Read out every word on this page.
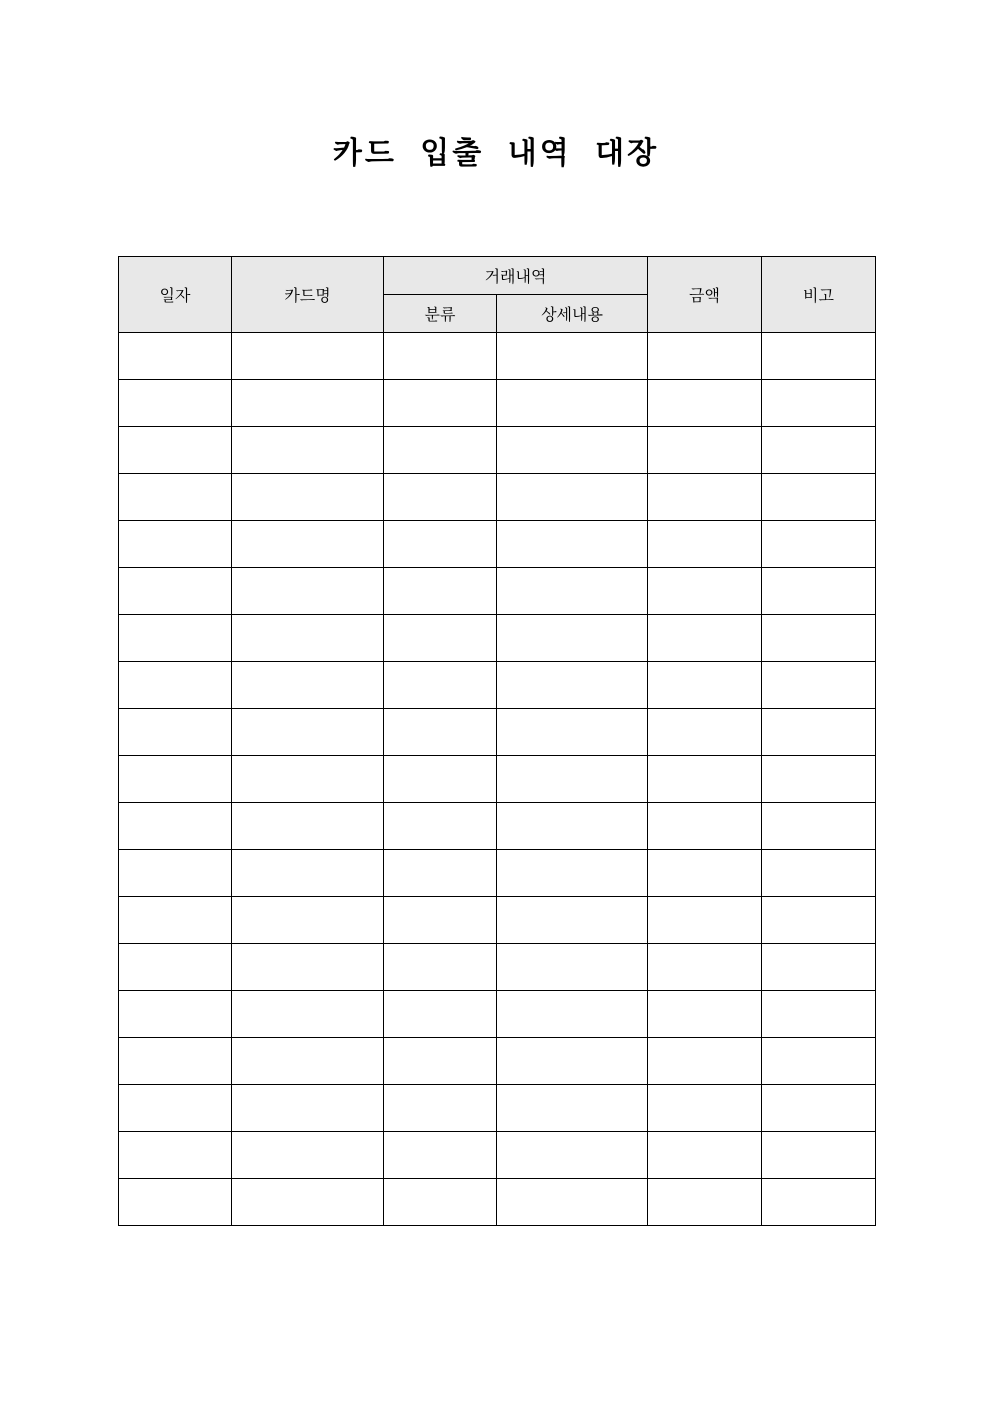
카드 입출 내역 대장
일자	카드명	거래내역		금액	비고
		분류	상세내용		
